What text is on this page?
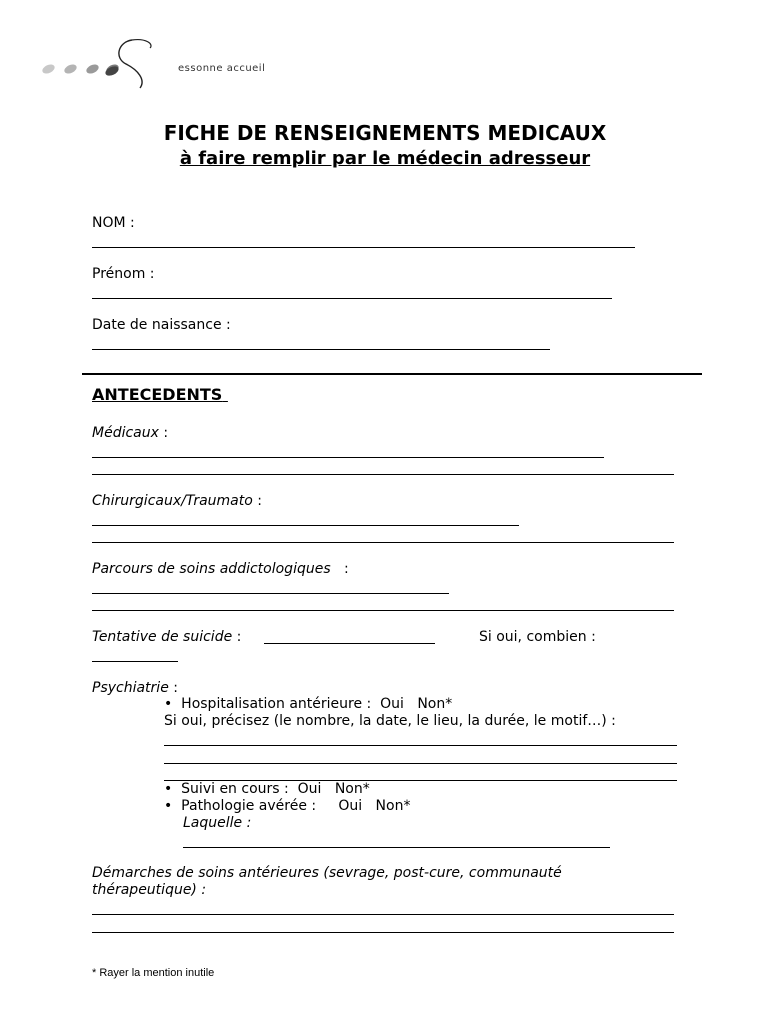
essonne accueil
FICHE DE RENSEIGNEMENTS MEDICAUX
à faire remplir par le médecin adresseur
NOM :
Prénom :
Date de naissance :
ANTECEDENTS
Médicaux :
Chirurgicaux/Traumato :
Parcours de soins addictologiques :
Tentative de suicide :	Si oui, combien :
Psychiatrie :
•  Hospitalisation antérieure : Oui Non*
Si oui, précisez (le nombre, la date, le lieu, la durée, le motif…) :
•  Suivi en cours : Oui Non*
•  Pathologie avérée : Oui Non*
Laquelle :
Démarches de soins antérieures (sevrage, post-cure, communauté
thérapeutique) :
* Rayer la mention inutile
